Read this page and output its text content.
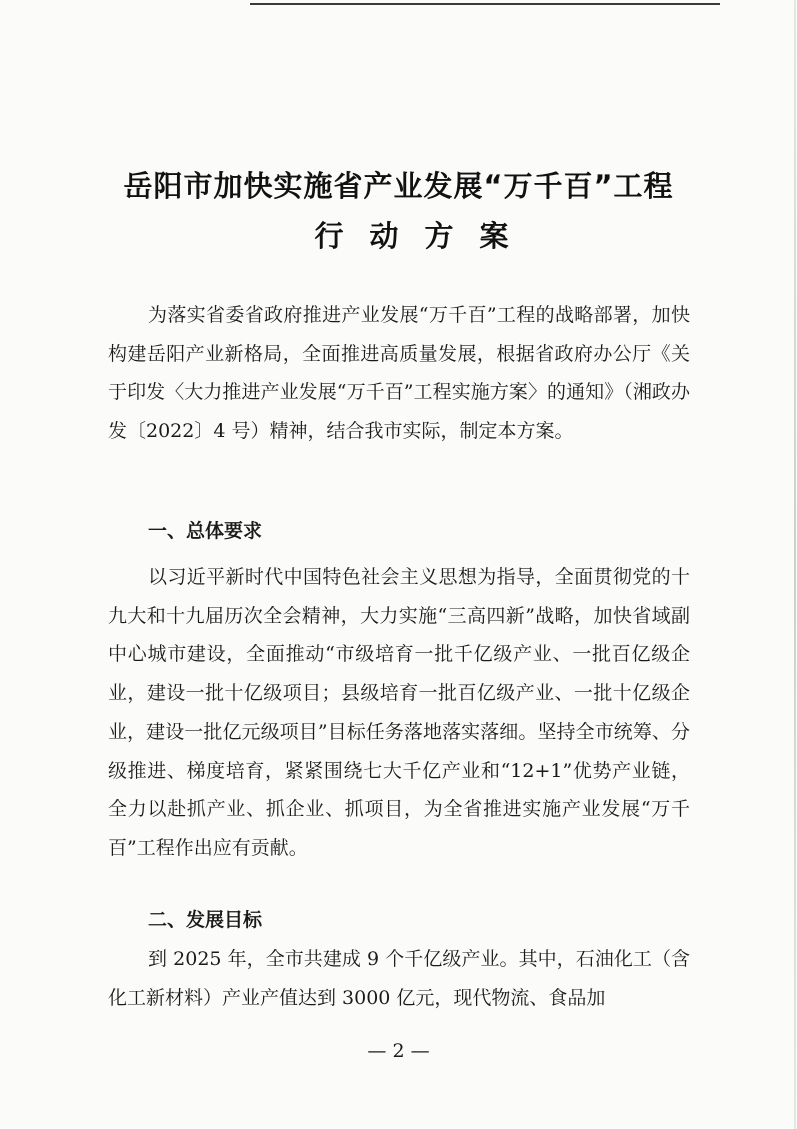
岳阳市加快实施省产业发展“万千百”工程
行动方案

为落实省委省政府推进产业发展“万千百”工程的战略部署，加快构建岳阳产业新格局，全面推进高质量发展，根据省政府办公厅《关于印发〈大力推进产业发展“万千百”工程实施方案〉的通知》（湘政办发〔2022〕4 号）精神，结合我市实际，制定本方案。

一、总体要求

以习近平新时代中国特色社会主义思想为指导，全面贯彻党的十九大和十九届历次全会精神，大力实施“三高四新”战略，加快省域副中心城市建设，全面推动“市级培育一批千亿级产业、一批百亿级企业，建设一批十亿级项目；县级培育一批百亿级产业、一批十亿级企业，建设一批亿元级项目”目标任务落地落实落细。坚持全市统筹、分级推进、梯度培育，紧紧围绕七大千亿产业和“12+1”优势产业链，全力以赴抓产业、抓企业、抓项目，为全省推进实施产业发展“万千百”工程作出应有贡献。

二、发展目标

到 2025 年，全市共建成 9 个千亿级产业。其中，石油化工（含化工新材料）产业产值达到 3000 亿元，现代物流、食品加

— 2 —
